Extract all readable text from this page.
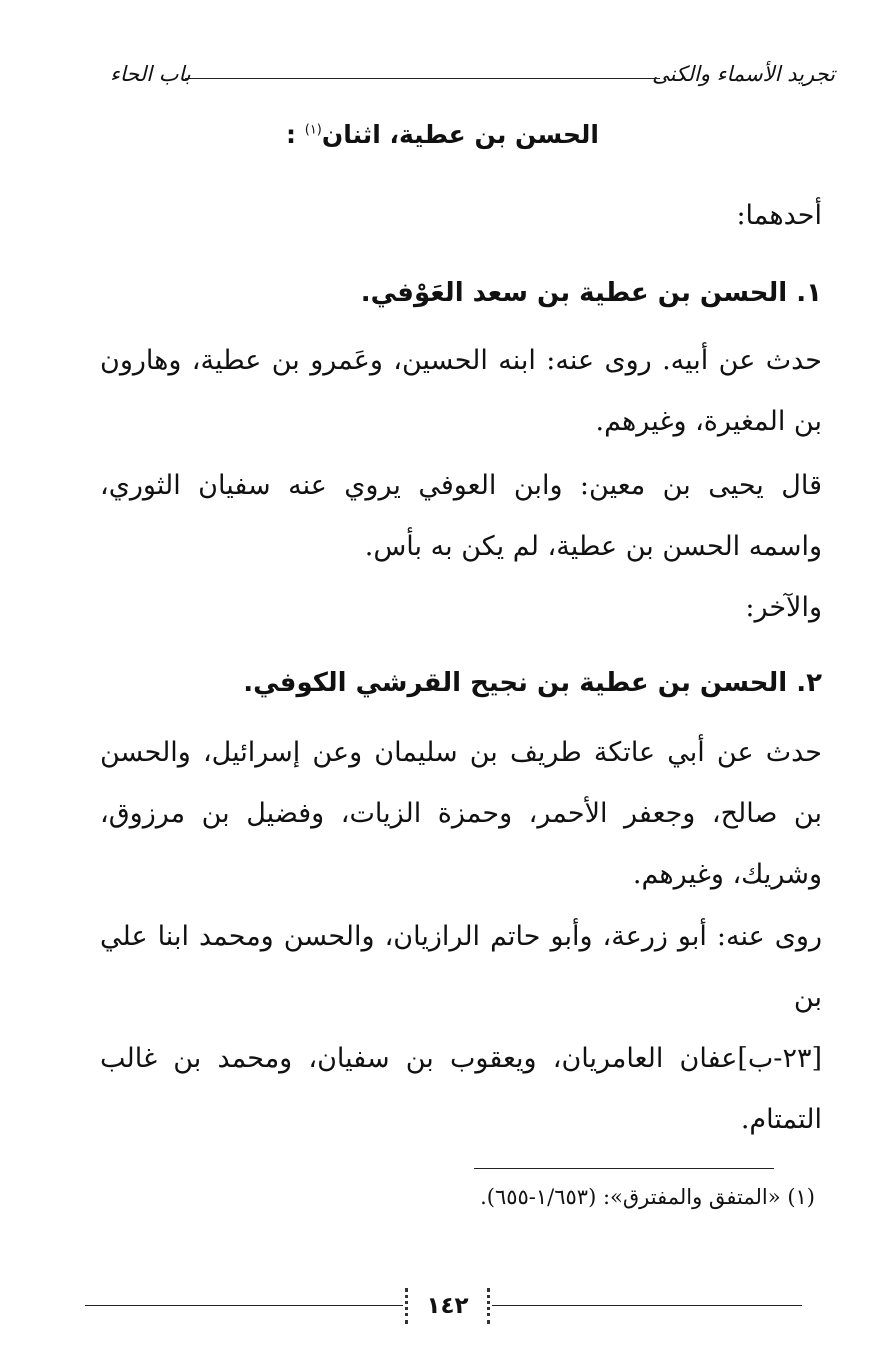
تجريد الأسماء والكنى
باب الحاء
الحسن بن عطية، اثنان$^{(١)}$ :
أحدهما:
١. الحسن بن عطية بن سعد العَوْفي.
حدث عن أبيه. روى عنه: ابنه الحسين، وعَمرو بن عطية، وهارون بن المغيرة، وغيرهم.
قال يحيى بن معين: وابن العوفي يروي عنه سفيان الثوري، واسمه الحسن بن عطية، لم يكن به بأس.
والآخر:
٢. الحسن بن عطية بن نجيح القرشي الكوفي.
حدث عن أبي عاتكة طريف بن سليمان وعن إسرائيل، والحسن بن صالح، وجعفر الأحمر، وحمزة الزيات، وفضيل بن مرزوق، وشريك، وغيرهم.
روى عنه: أبو زرعة، وأبو حاتم الرازيان، والحسن ومحمد ابنا علي بن
[٢٣-ب]عفان العامريان، ويعقوب بن سفيان، ومحمد بن غالب التمتام.
(١) «المتفق والمفترق»: (١/٦٥٣-٦٥٥).
١٤٢
